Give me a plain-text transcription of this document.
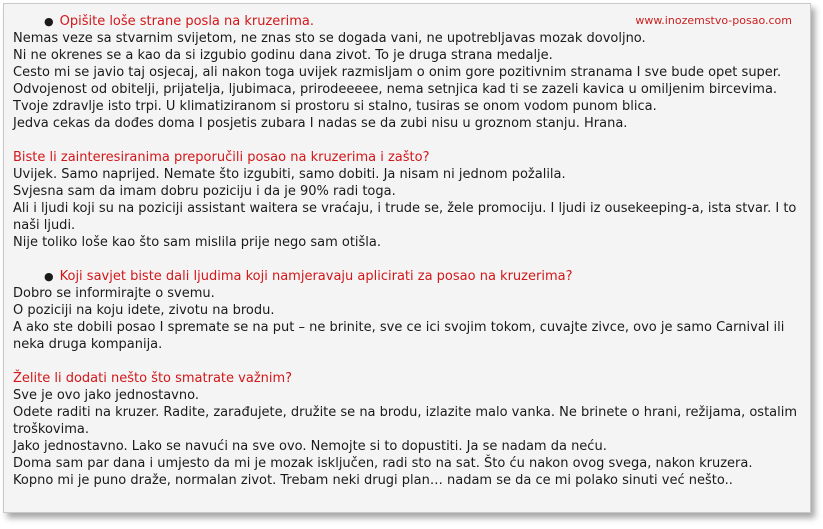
www.inozemstvo-posao.com
● Opišite loše strane posla na kruzerima.
Nemas veze sa stvarnim svijetom, ne znas sto se dogada vani, ne upotrebljavas mozak dovoljno.
Ni ne okrenes se a kao da si izgubio godinu dana zivot. To je druga strana medalje.
Cesto mi se javio taj osjecaj, ali nakon toga uvijek razmisljam o onim gore pozitivnim stranama I sve bude opet super.
Odvojenost od obitelji, prijatelja, ljubimaca, prirodeeeee, nema setnjica kad ti se zazeli kavica u omiljenim bircevima.
Tvoje zdravlje isto trpi. U klimatiziranom si prostoru si stalno, tusiras se onom vodom punom blica.
Jedva cekas da dođes doma I posjetis zubara I nadas se da zubi nisu u groznom stanju. Hrana.
Biste li zainteresiranima preporučili posao na kruzerima i zašto?
Uvijek. Samo naprijed. Nemate što izgubiti, samo dobiti. Ja nisam ni jednom požalila.
Svjesna sam da imam dobru poziciju i da je 90% radi toga.
Ali i ljudi koji su na poziciji assistant waitera se vraćaju, i trude se, žele promociju. I ljudi iz ousekeeping-a, ista stvar. I to naši ljudi.
Nije toliko loše kao što sam mislila prije nego sam otišla.
● Koji savjet biste dali ljudima koji namjeravaju aplicirati za posao na kruzerima?
Dobro se informirajte o svemu.
O poziciji na koju idete, zivotu na brodu.
A ako ste dobili posao I spremate se na put – ne brinite, sve ce ici svojim tokom, cuvajte zivce, ovo je samo Carnival ili neka druga kompanija.
Želite li dodati nešto što smatrate važnim?
Sve je ovo jako jednostavno.
Odete raditi na kruzer. Radite, zarađujete, družite se na brodu, izlazite malo vanka. Ne brinete o hrani, režijama, ostalim troškovima.
Jako jednostavno. Lako se navući na sve ovo. Nemojte si to dopustiti. Ja se nadam da neću.
Doma sam par dana i umjesto da mi je mozak isključen, radi sto na sat. Što ću nakon ovog svega, nakon kruzera.
Kopno mi je puno draže, normalan zivot. Trebam neki drugi plan… nadam se da ce mi polako sinuti već nešto..
